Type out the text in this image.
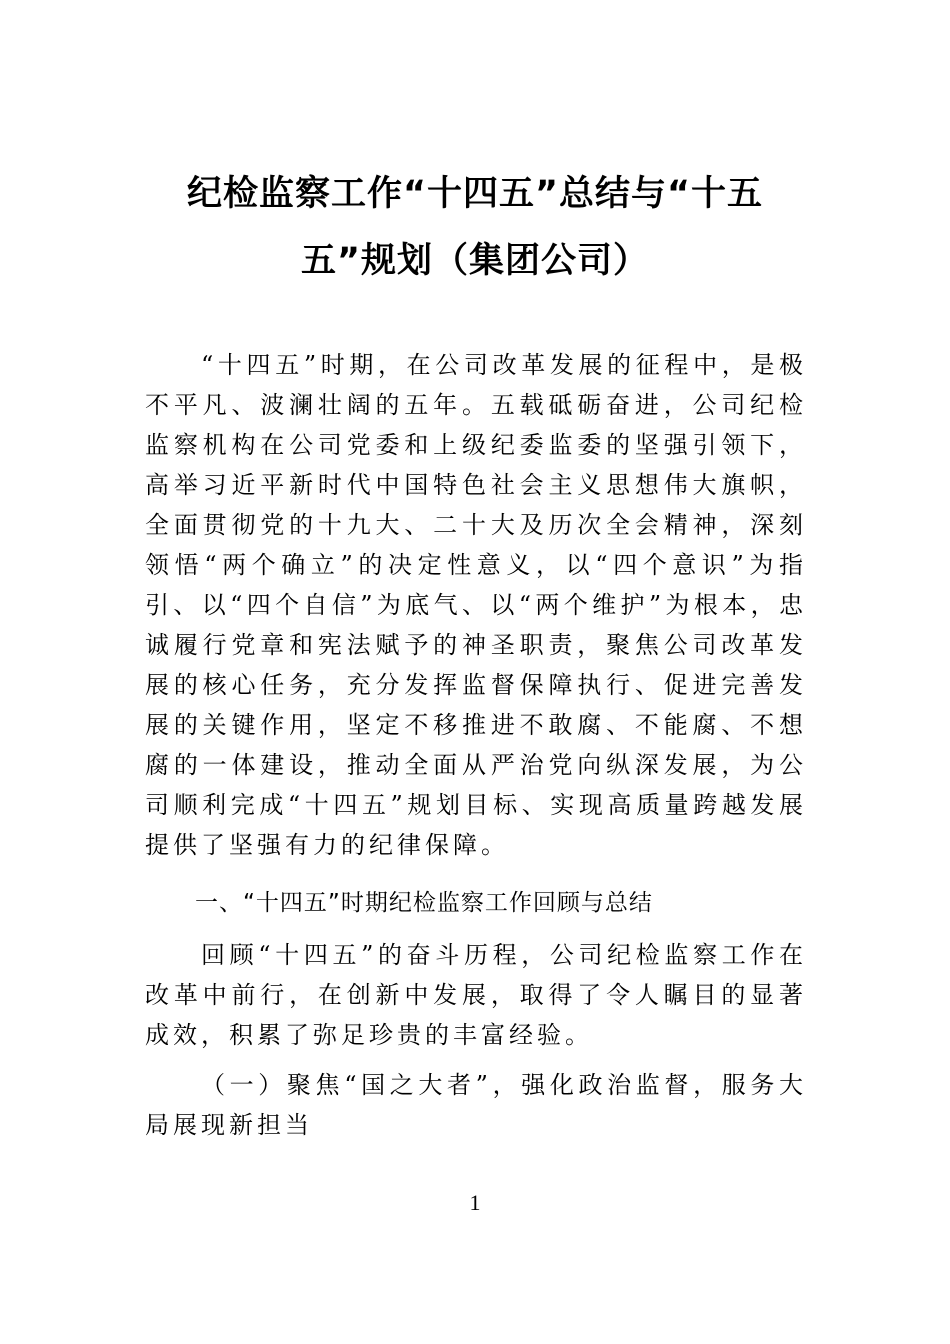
纪检监察工作“十四五”总结与“十五
五”规划（集团公司）
“十四五”时期，在公司改革发展的征程中，是极不平凡、波澜壮阔的五年。五载砥砺奋进，公司纪检监察机构在公司党委和上级纪委监委的坚强引领下，高举习近平新时代中国特色社会主义思想伟大旗帜，全面贯彻党的十九大、二十大及历次全会精神，深刻领悟“两个确立”的决定性意义，以“四个意识”为指引、以“四个自信”为底气、以“两个维护”为根本，忠诚履行党章和宪法赋予的神圣职责，聚焦公司改革发展的核心任务，充分发挥监督保障执行、促进完善发展的关键作用，坚定不移推进不敢腐、不能腐、不想腐的一体建设，推动全面从严治党向纵深发展，为公司顺利完成“十四五”规划目标、实现高质量跨越发展提供了坚强有力的纪律保障。
一、“十四五”时期纪检监察工作回顾与总结
回顾“十四五”的奋斗历程，公司纪检监察工作在改革中前行，在创新中发展，取得了令人瞩目的显著成效，积累了弥足珍贵的丰富经验。
（一）聚焦“国之大者”，强化政治监督，服务大局展现新担当
1
